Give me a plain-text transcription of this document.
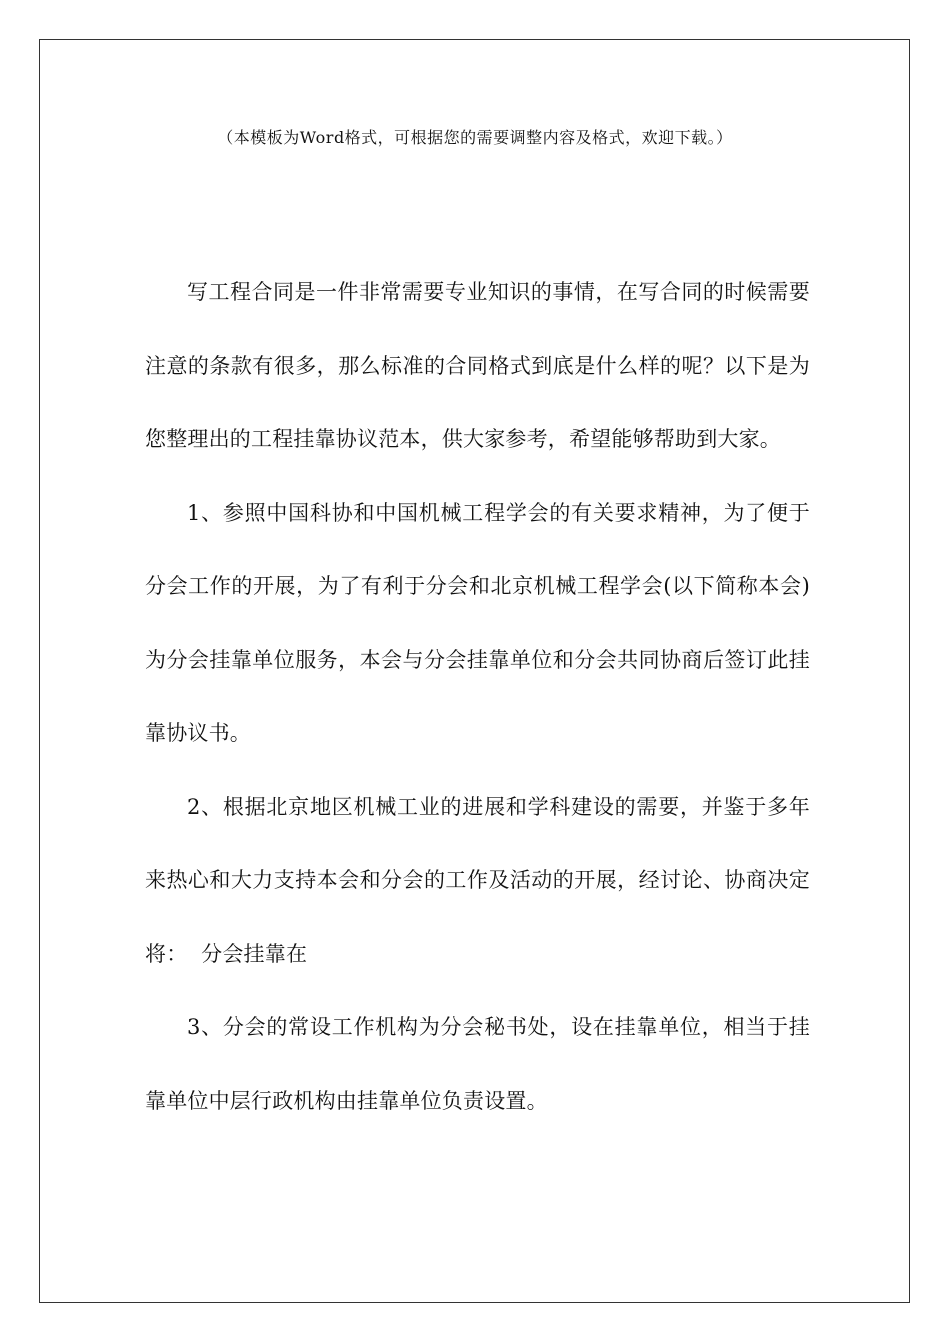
（本模板为Word格式，可根据您的需要调整内容及格式，欢迎下载。）

写工程合同是一件非常需要专业知识的事情，在写合同的时候需要注意的条款有很多，那么标准的合同格式到底是什么样的呢？以下是为您整理出的工程挂靠协议范本，供大家参考，希望能够帮助到大家。

1、参照中国科协和中国机械工程学会的有关要求精神，为了便于分会工作的开展，为了有利于分会和北京机械工程学会(以下简称本会)为分会挂靠单位服务，本会与分会挂靠单位和分会共同协商后签订此挂靠协议书。

2、根据北京地区机械工业的进展和学科建设的需要，并鉴于多年来热心和大力支持本会和分会的工作及活动的开展，经讨论、协商决定将：  分会挂靠在

3、分会的常设工作机构为分会秘书处，设在挂靠单位，相当于挂靠单位中层行政机构由挂靠单位负责设置。
